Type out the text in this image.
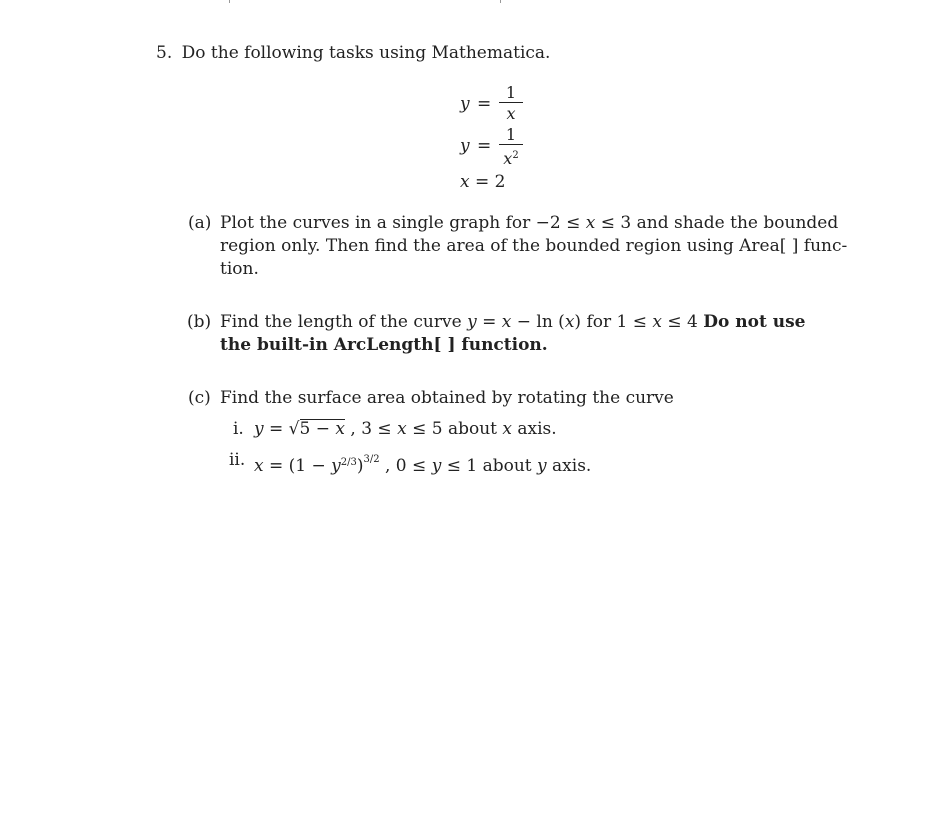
5. Do the following tasks using Mathematica.
y =
1
x
y =
1
$x^2$
x = 2
(a) Plot the curves in a single graph for −2 ≤ x ≤ 3 and shade the bounded
region only. Then find the area of the bounded region using Area[ ] func-
tion.
(b) Find the length of the curve y = x − ln (x) for 1 ≤ x ≤ 4 Do not use
the built-in ArcLength[ ] function.
(c) Find the surface area obtained by rotating the curve
i. y = √5 − x , 3 ≤ x ≤ 5 about x axis.
ii. $x = (1 - y^{2/3})^{3/2}$ , 0 ≤ y ≤ 1 about y axis.
